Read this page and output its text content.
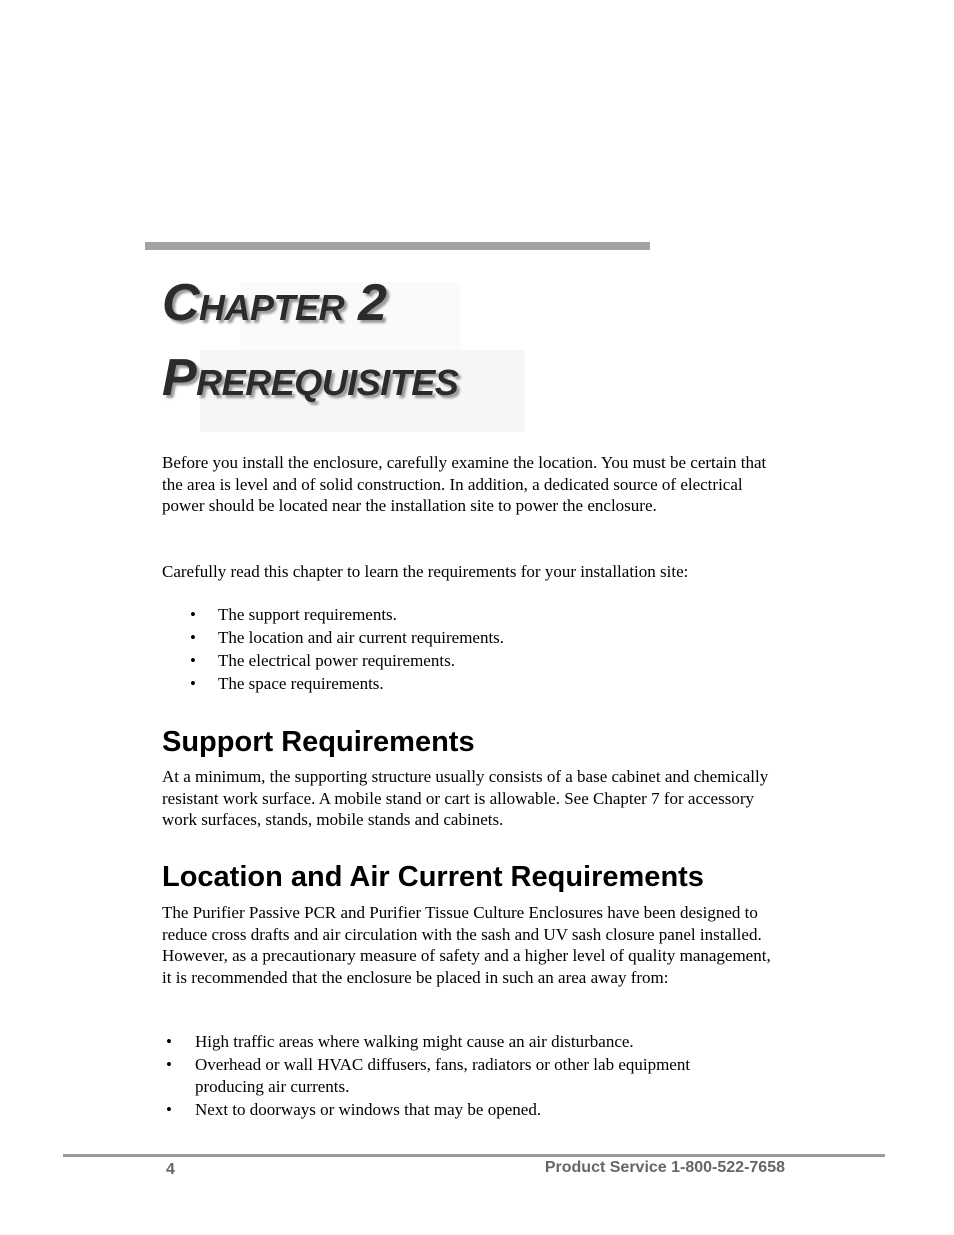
Chapter 2
Prerequisites

Before you install the enclosure, carefully examine the location. You must be certain that the area is level and of solid construction. In addition, a dedicated source of electrical power should be located near the installation site to power the enclosure.

Carefully read this chapter to learn the requirements for your installation site:

• The support requirements.
• The location and air current requirements.
• The electrical power requirements.
• The space requirements.
Support Requirements

At a minimum, the supporting structure usually consists of a base cabinet and chemically resistant work surface. A mobile stand or cart is allowable. See Chapter 7 for accessory work surfaces, stands, mobile stands and cabinets.

Location and Air Current Requirements

The Purifier Passive PCR and Purifier Tissue Culture Enclosures have been designed to reduce cross drafts and air circulation with the sash and UV sash closure panel installed. However, as a precautionary measure of safety and a higher level of quality management, it is recommended that the enclosure be placed in such an area away from:

• High traffic areas where walking might cause an air disturbance.
• Overhead or wall HVAC diffusers, fans, radiators or other lab equipment producing air currents.
• Next to doorways or windows that may be opened.
4	Product Service 1-800-522-7658
